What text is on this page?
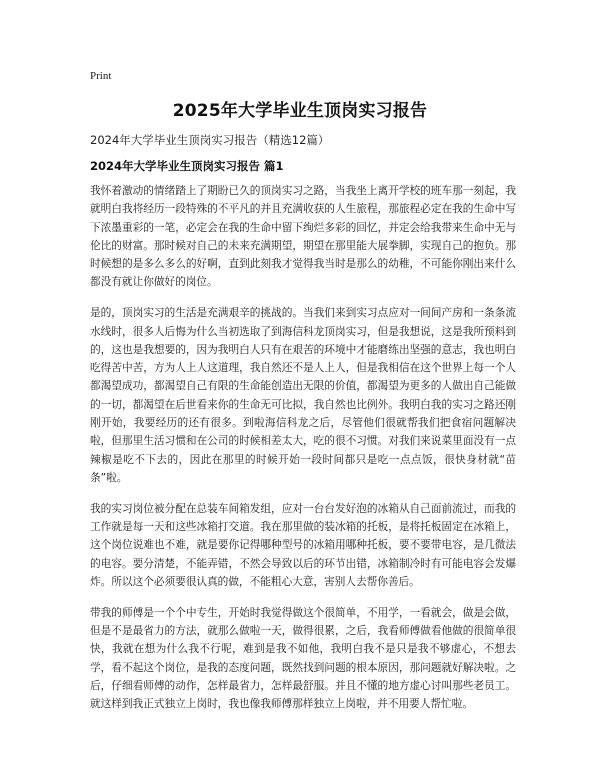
Print
2025年大学毕业生顶岗实习报告
2024年大学毕业生顶岗实习报告（精选12篇）
2024年大学毕业生顶岗实习报告 篇1

我怀着激动的情绪踏上了期盼已久的顶岗实习之路，当我坐上离开学校的班车那一刻起，我就明白我将经历一段特殊的不平凡的并且充满收获的人生旅程，那旅程必定在我的生命中写下浓墨重彩的一笔，必定会在我的生命中留下绚烂多彩的回忆，并定会给我带来生命中无与伦比的财富。那时候对自己的未来充满期望，期望在那里能大展拳脚，实现自己的抱负。那时候想的是多么多么的好啊，直到此刻我才觉得我当时是那么的幼稚，不可能你刚出来什么都没有就让你做好的岗位。

是的，顶岗实习的生活是充满艰辛的挑战的。当我们来到实习点应对一间间产房和一条条流水线时，很多人后悔为什么当初选取了到海信科龙顶岗实习，但是我想说，这是我所预料到的，这也是我想要的，因为我明白人只有在艰苦的环境中才能磨练出坚强的意志，我也明白吃得苦中苦，方为人上人这道理，我自然还不是人上人，但是我相信在这个世界上每一个人都渴望成功，都渴望自己有限的生命能创造出无限的价值，都渴望为更多的人做出自己能做的一切，都渴望在后世看来你的生命无可比拟，我自然也比例外。我明白我的实习之路还刚刚开始，我要经历的还有很多。到啦海信科龙之后，尽管他们很就帮我们把食宿问题解决啦，但那里生活习惯和在公司的时候相差太大，吃的很不习惯。对我们来说菜里面没有一点辣椒是吃不下去的，因此在那里的时候开始一段时间都只是吃一点点饭，很快身材就“苗条”啦。

我的实习岗位被分配在总装车间箱发组，应对一台台发好泡的冰箱从自己面前流过，而我的工作就是每一天和这些冰箱打交道。我在那里做的装冰箱的托板，是将托板固定在冰箱上，这个岗位说难也不难，就是要你记得哪种型号的冰箱用哪种托板，要不要带电容，是几微法的电容。要分清楚，不能弄错，不然会导致以后的环节出错，冰箱制冷时有可能电容会发爆炸。所以这个必须要很认真的做，不能粗心大意，害别人去帮你善后。

带我的师傅是一个个中专生，开始时我觉得做这个很简单，不用学，一看就会，做是会做，但是不是最省力的方法，就那么做啦一天，做得很累，之后，我看师傅做看他做的很简单很快，我就在想为什么我不行呢，难到是我不如他，我明白我不是只是我不够虚心，不想去学，看不起这个岗位，是我的态度问题，既然找到问题的根本原因，那问题就好解决啦。之后，仔细看师傅的动作，怎样最省力，怎样最舒服。并且不懂的地方虚心讨叫那些老员工。就这样到我正式独立上岗时，我也像我师傅那样独立上岗啦，并不用要人帮忙啦。
